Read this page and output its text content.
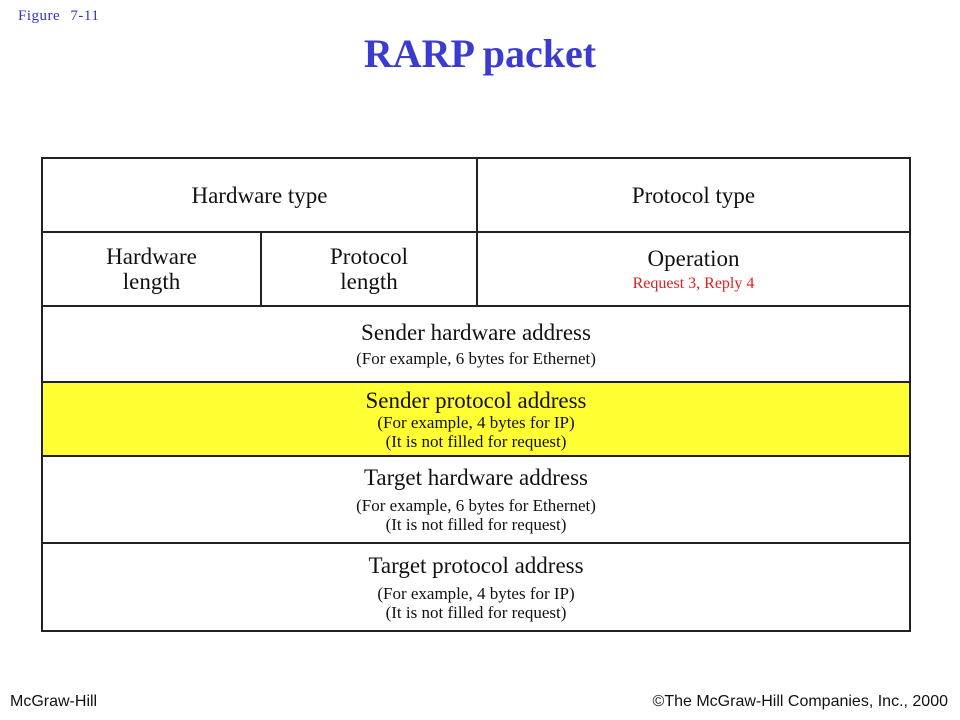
Figure 7-11
RARP packet
Hardware type	Protocol type
Hardware
length
Protocol
length
Operation
Request 3, Reply 4
Sender hardware address
(For example, 6 bytes for Ethernet)
Sender protocol address
(For example, 4 bytes for IP)
(It is not filled for request)
Target hardware address
(For example, 6 bytes for Ethernet)
(It is not filled for request)
Target protocol address
(For example, 4 bytes for IP)
(It is not filled for request)
McGraw-Hill	©The McGraw-Hill Companies, Inc., 2000
